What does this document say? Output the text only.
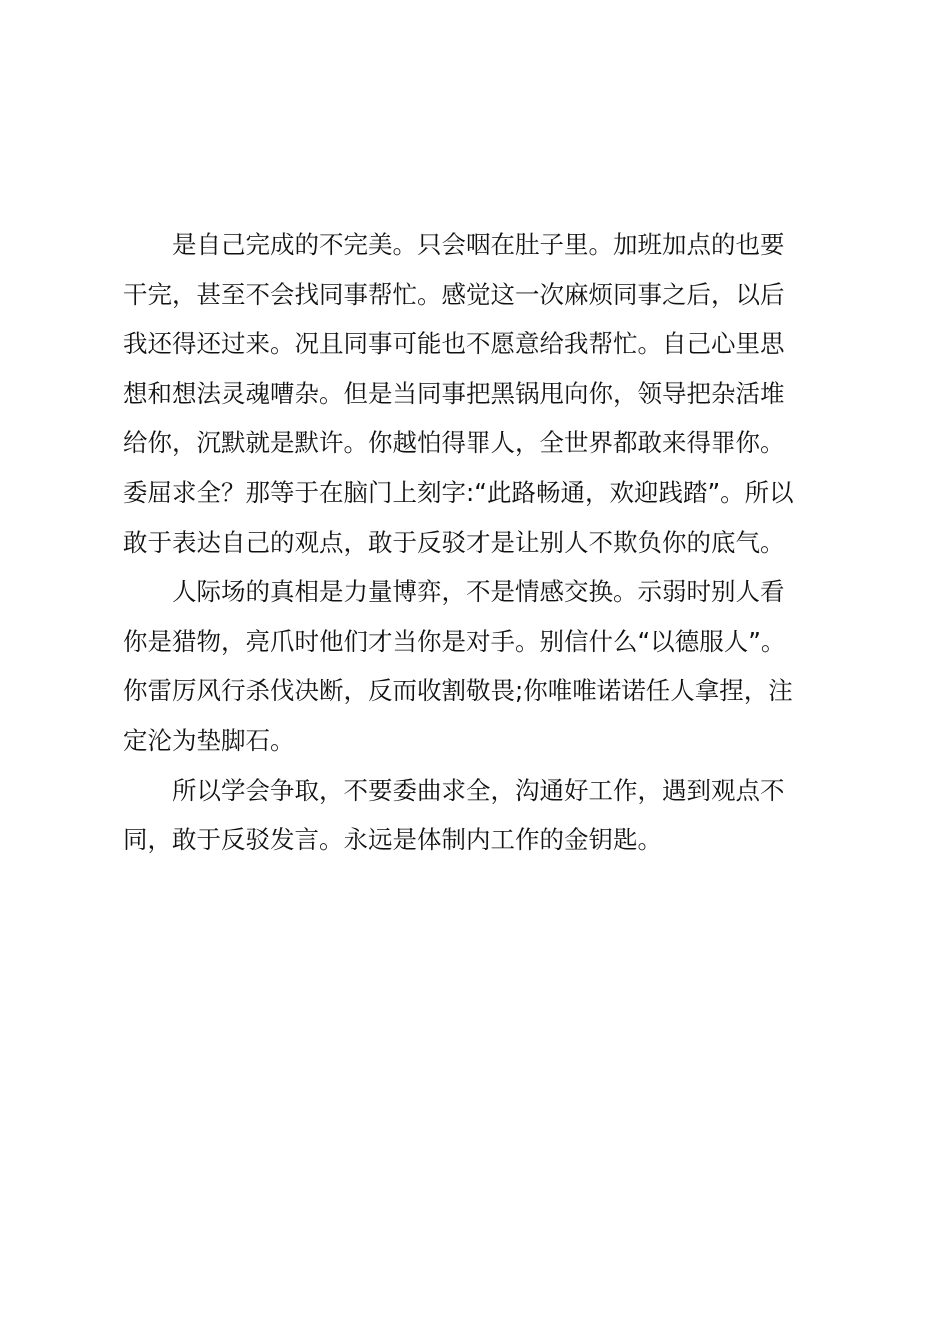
是自己完成的不完美。只会咽在肚子里。加班加点的也要
干完，甚至不会找同事帮忙。感觉这一次麻烦同事之后，以后
我还得还过来。况且同事可能也不愿意给我帮忙。自己心里思
想和想法灵魂嘈杂。但是当同事把黑锅甩向你，领导把杂活堆
给你，沉默就是默许。你越怕得罪人，全世界都敢来得罪你。
委屈求全？那等于在脑门上刻字:“此路畅通，欢迎践踏”。所以
敢于表达自己的观点，敢于反驳才是让别人不欺负你的底气。
人际场的真相是力量博弈，不是情感交换。示弱时别人看
你是猎物，亮爪时他们才当你是对手。别信什么“以德服人”。
你雷厉风行杀伐决断，反而收割敬畏;你唯唯诺诺任人拿捏，注
定沦为垫脚石。
所以学会争取，不要委曲求全，沟通好工作，遇到观点不
同，敢于反驳发言。永远是体制内工作的金钥匙。
